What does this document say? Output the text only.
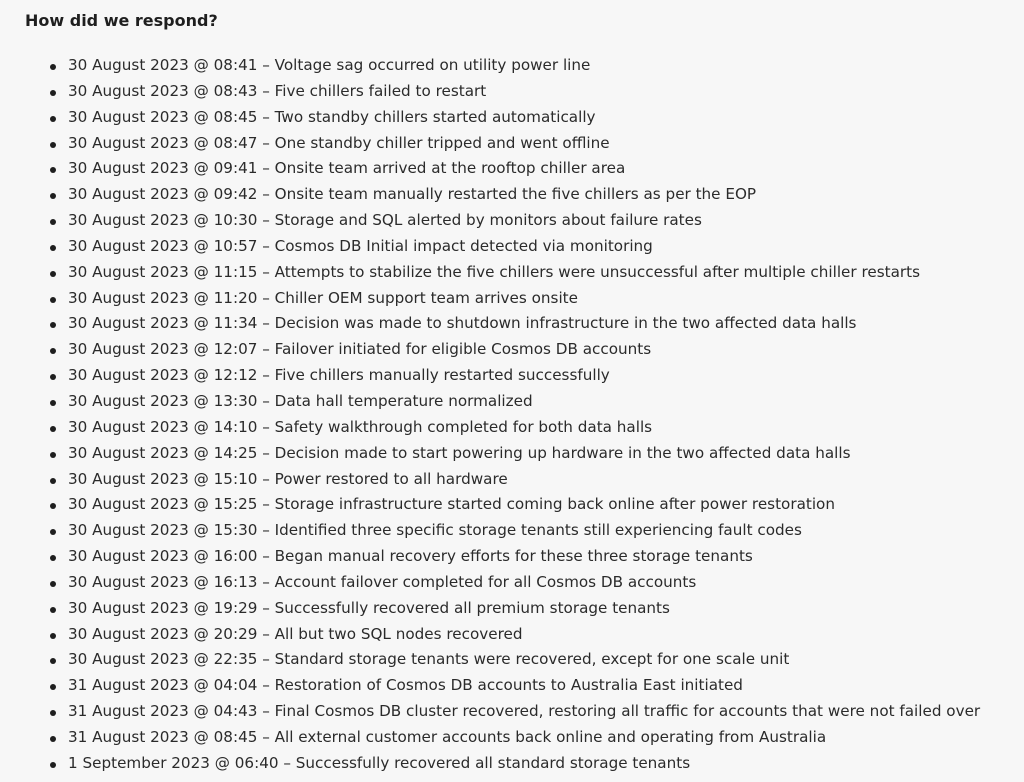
How did we respond?
30 August 2023 @ 08:41 – Voltage sag occurred on utility power line
30 August 2023 @ 08:43 – Five chillers failed to restart
30 August 2023 @ 08:45 – Two standby chillers started automatically
30 August 2023 @ 08:47 – One standby chiller tripped and went offline
30 August 2023 @ 09:41 – Onsite team arrived at the rooftop chiller area
30 August 2023 @ 09:42 – Onsite team manually restarted the five chillers as per the EOP
30 August 2023 @ 10:30 – Storage and SQL alerted by monitors about failure rates
30 August 2023 @ 10:57 – Cosmos DB Initial impact detected via monitoring
30 August 2023 @ 11:15 – Attempts to stabilize the five chillers were unsuccessful after multiple chiller restarts
30 August 2023 @ 11:20 – Chiller OEM support team arrives onsite
30 August 2023 @ 11:34 – Decision was made to shutdown infrastructure in the two affected data halls
30 August 2023 @ 12:07 – Failover initiated for eligible Cosmos DB accounts
30 August 2023 @ 12:12 – Five chillers manually restarted successfully
30 August 2023 @ 13:30 – Data hall temperature normalized
30 August 2023 @ 14:10 – Safety walkthrough completed for both data halls
30 August 2023 @ 14:25 – Decision made to start powering up hardware in the two affected data halls
30 August 2023 @ 15:10 – Power restored to all hardware
30 August 2023 @ 15:25 – Storage infrastructure started coming back online after power restoration
30 August 2023 @ 15:30 – Identified three specific storage tenants still experiencing fault codes
30 August 2023 @ 16:00 – Began manual recovery efforts for these three storage tenants
30 August 2023 @ 16:13 – Account failover completed for all Cosmos DB accounts
30 August 2023 @ 19:29 – Successfully recovered all premium storage tenants
30 August 2023 @ 20:29 – All but two SQL nodes recovered
30 August 2023 @ 22:35 – Standard storage tenants were recovered, except for one scale unit
31 August 2023 @ 04:04 – Restoration of Cosmos DB accounts to Australia East initiated
31 August 2023 @ 04:43 – Final Cosmos DB cluster recovered, restoring all traffic for accounts that were not failed over
31 August 2023 @ 08:45 – All external customer accounts back online and operating from Australia
1 September 2023 @ 06:40 – Successfully recovered all standard storage tenants
